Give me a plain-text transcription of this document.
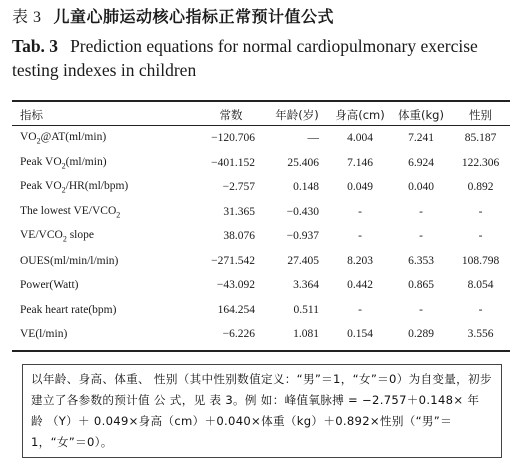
表 3 儿童心肺运动核心指标正常预计值公式
Tab. 3 Prediction equations for normal cardiopulmonary exercise testing indexes in children
指标	常数	年龄(岁)	身高(cm)	体重(kg)	性别
$VO_2@AT(ml/\min)$	−120.706	—	4.004	7.241	85.187
Peak $VO_2(ml/\min)$	−401.152	25.406	7.146	6.924	122.306
Peak $VO_2/HR(ml/bpm)$	−2.757	0.148	0.049	0.040	0.892
The lowest $VE/VCO_2$	31.365	−0.430	-	-	-
$VE/VCO_2$ slope	38.076	−0.937	-	-	-
OUES(ml/min/l/min)	−271.542	27.405	8.203	6.353	108.798
Power(Watt)	−43.092	3.364	0.442	0.865	8.054
Peak heart rate(bpm)	164.254	0.511	-	-	-
VE(l/min)	−6.226	1.081	0.154	0.289	3.556
以年龄、身高、体重、 性别（其中性别数值定义：“男”＝1，“女”＝0）为自变量，初步建立了各参数的预计值 公 式，见 表 3。例 如：峰值氧脉搏 = −2.757＋0.148× 年 龄 （Y）＋ 0.049×身高（cm）＋0.040×体重（kg）＋0.892×性别（“男”＝1，“女”＝0）。
